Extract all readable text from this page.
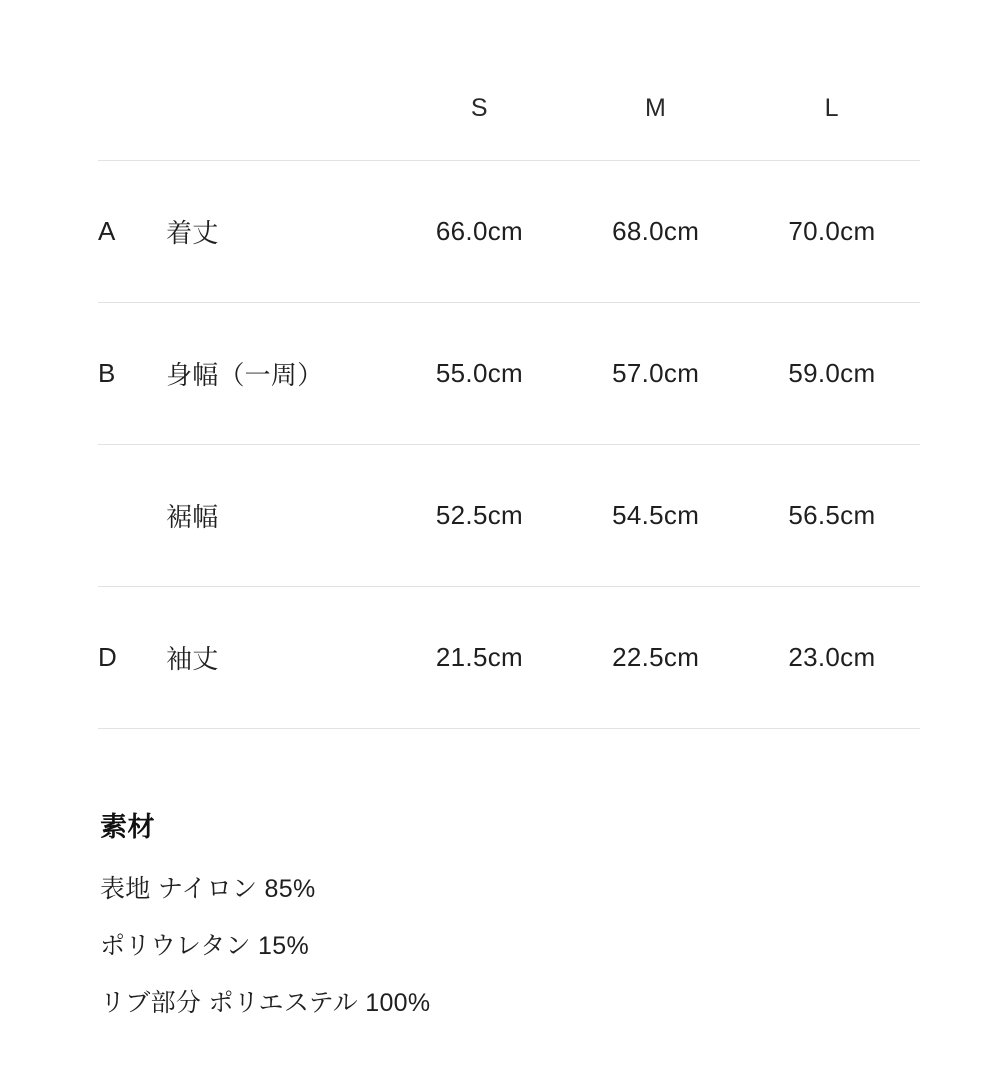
		S	M	L
A	着丈	66.0cm	68.0cm	70.0cm
B	身幅（一周）	55.0cm	57.0cm	59.0cm
	裾幅	52.5cm	54.5cm	56.5cm
D	袖丈	21.5cm	22.5cm	23.0cm
素材
表地 ナイロン 85%
ポリウレタン 15%
リブ部分 ポリエステル 100%
